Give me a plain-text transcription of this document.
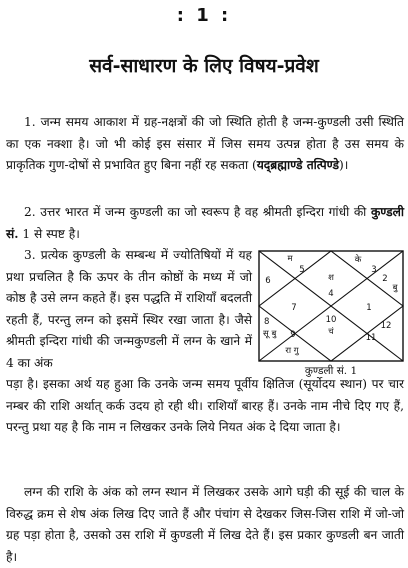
: 1 :
सर्व-साधारण के लिए विषय-प्रवेश
1. जन्म समय आकाश में ग्रह-नक्षत्रों की जो स्थिति होती है जन्म-कुण्डली उसी स्थिति का एक नक्शा है। जो भी कोई इस संसार में जिस समय उत्पन्न होता है उस समय के प्राकृतिक गुण-दोषों से प्रभावित हुए बिना नहीं रह सकता (यद्ब्रह्माण्डे तत्पिण्डे)।
2. उत्तर भारत में जन्म कुण्डली का जो स्वरूप है वह श्रीमती इन्दिरा गांधी की कुण्डली सं. 1 से स्पष्ट है।
3. प्रत्येक कुण्डली के सम्बन्ध में ज्योतिषियों में यह प्रथा प्रचलित है कि ऊपर के तीन कोष्ठों के मध्य में जो कोष्ठ है उसे लग्न कहते हैं। इस पद्धति में राशियाँ बदलती रहती हैं, परन्तु लग्न को इसमें स्थिर रखा जाता है। जैसे श्रीमती इन्दिरा गांधी की जन्मकुण्डली में लग्न के खाने में 4 का अंक
4
श
3
के
2
बु
1
12
11
10
चं
9
रा गु
8
सू बु
7
6
5
म
कुण्डली सं. 1
पड़ा है। इसका अर्थ यह हुआ कि उनके जन्म समय पूर्वीय क्षितिज (सूर्योदय स्थान) पर चार नम्बर की राशि अर्थात् कर्क उदय हो रही थी। राशियाँ बारह हैं। उनके नाम नीचे दिए गए हैं, परन्तु प्रथा यह है कि नाम न लिखकर उनके लिये नियत अंक दे दिया जाता है।
लग्न की राशि के अंक को लग्न स्थान में लिखकर उसके आगे घड़ी की सूई की चाल के विरुद्ध क्रम से शेष अंक लिख दिए जाते हैं और पंचांग से देखकर जिस-जिस राशि में जो-जो ग्रह पड़ा होता है, उसको उस राशि में कुण्डली में लिख देते हैं। इस प्रकार कुण्डली बन जाती है।
